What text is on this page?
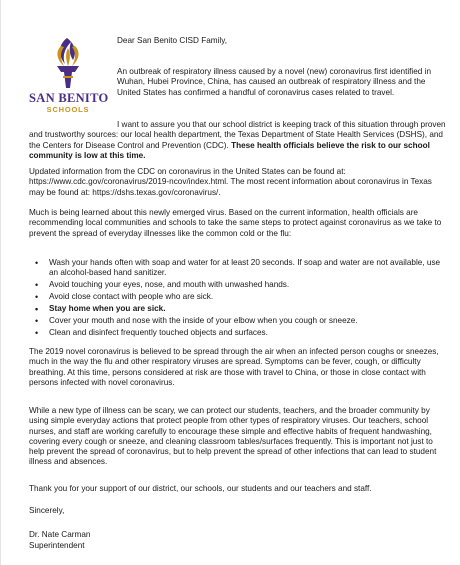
SAN BENITO
SCHOOLS

Dear San Benito CISD Family,

An outbreak of respiratory illness caused by a novel (new) coronavirus first identified in Wuhan, Hubei Province, China, has caused an outbreak of respiratory illness and the United States has confirmed a handful of coronavirus cases related to travel.

I want to assure you that our school district is keeping track of this situation through proven and trustworthy sources: our local health department, the Texas Department of State Health Services (DSHS), and the Centers for Disease Control and Prevention (CDC). These health officials believe the risk to our school community is low at this time.

Updated information from the CDC on coronavirus in the United States can be found at: https://www.cdc.gov/coronavirus/2019-ncov/index.html. The most recent information about coronavirus in Texas may be found at: https://dshs.texas.gov/coronavirus/.

Much is being learned about this newly emerged virus. Based on the current information, health officials are recommending local communities and schools to take the same steps to protect against coronavirus as we take to prevent the spread of everyday illnesses like the common cold or the flu:

• Wash your hands often with soap and water for at least 20 seconds. If soap and water are not available, use an alcohol-based hand sanitizer.
• Avoid touching your eyes, nose, and mouth with unwashed hands.
• Avoid close contact with people who are sick.
• Stay home when you are sick.
• Cover your mouth and nose with the inside of your elbow when you cough or sneeze.
• Clean and disinfect frequently touched objects and surfaces.

The 2019 novel coronavirus is believed to be spread through the air when an infected person coughs or sneezes, much in the way the flu and other respiratory viruses are spread. Symptoms can be fever, cough, or difficulty breathing. At this time, persons considered at risk are those with travel to China, or those in close contact with persons infected with novel coronavirus.

While a new type of illness can be scary, we can protect our students, teachers, and the broader community by using simple everyday actions that protect people from other types of respiratory viruses. Our teachers, school nurses, and staff are working carefully to encourage these simple and effective habits of frequent handwashing, covering every cough or sneeze, and cleaning classroom tables/surfaces frequently. This is important not just to help prevent the spread of coronavirus, but to help prevent the spread of other infections that can lead to student illness and absences.

Thank you for your support of our district, our schools, our students and our teachers and staff.

Sincerely,

Dr. Nate Carman

Superintendent
